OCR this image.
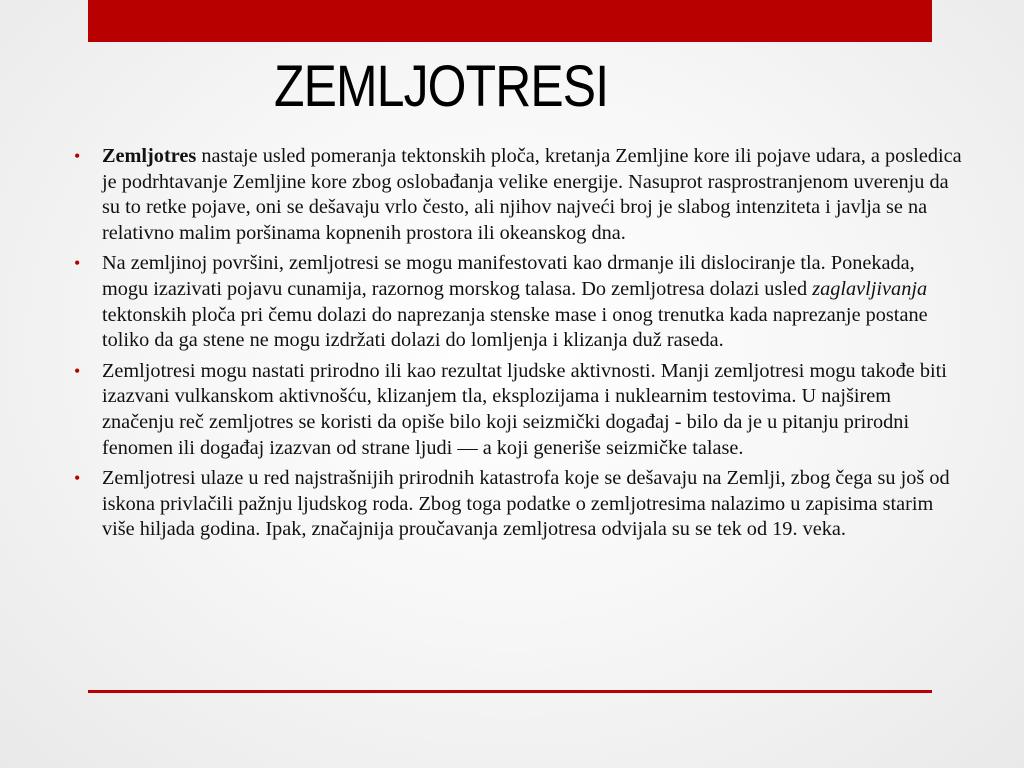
ZEMLJOTRESI

• Zemljotres nastaje usled pomeranja tektonskih ploča, kretanja Zemljine kore ili pojave udara, a posledica je podrhtavanje Zemljine kore zbog oslobađanja velike energije. Nasuprot rasprostranjenom uverenju da su to retke pojave, oni se dešavaju vrlo često, ali njihov najveći broj je slabog intenziteta i javlja se na relativno malim poršinama kopnenih prostora ili okeanskog dna.

• Na zemljinoj površini, zemljotresi se mogu manifestovati kao drmanje ili dislociranje tla. Ponekada, mogu izazivati pojavu cunamija, razornog morskog talasa. Do zemljotresa dolazi usled zaglavljivanja tektonskih ploča pri čemu dolazi do naprezanja stenske mase i onog trenutka kada naprezanje postane toliko da ga stene ne mogu izdržati dolazi do lomljenja i klizanja duž raseda.

• Zemljotresi mogu nastati prirodno ili kao rezultat ljudske aktivnosti. Manji zemljotresi mogu takođe biti izazvani vulkanskom aktivnošću, klizanjem tla, eksplozijama i nuklearnim testovima. U najširem značenju reč zemljotres se koristi da opiše bilo koji seizmički događaj - bilo da je u pitanju prirodni fenomen ili događaj izazvan od strane ljudi — a koji generiše seizmičke talase.

• Zemljotresi ulaze u red najstrašnijih prirodnih katastrofa koje se dešavaju na Zemlji, zbog čega su još od iskona privlačili pažnju ljudskog roda. Zbog toga podatke o zemljotresima nalazimo u zapisima starim više hiljada godina. Ipak, značajnija proučavanja zemljotresa odvijala su se tek od 19. veka.
